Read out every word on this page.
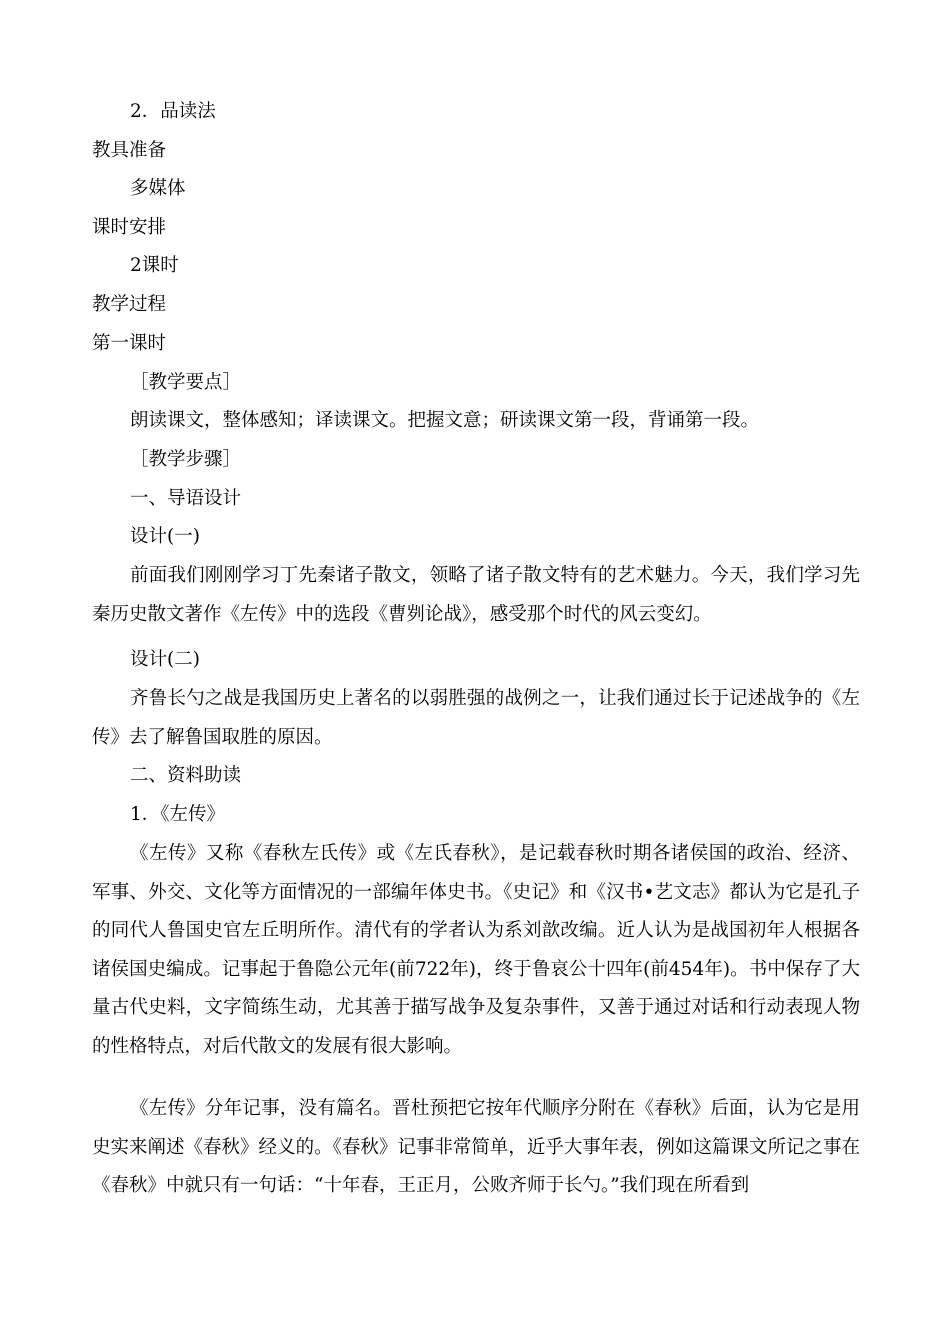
2．品读法
教具准备
多媒体
课时安排
2课时
教学过程
第一课时
［教学要点］
朗读课文，整体感知；译读课文。把握文意；研读课文第一段，背诵第一段。
［教学步骤］
一、导语设计
设计(一)
前面我们刚刚学习丁先秦诸子散文，领略了诸子散文特有的艺术魅力。今天，我们学习先秦历史散文著作《左传》中的选段《曹刿论战》，感受那个时代的风云变幻。
设计(二)
齐鲁长勺之战是我国历史上著名的以弱胜强的战例之一，让我们通过长于记述战争的《左传》去了解鲁国取胜的原因。
二、资料助读
1．《左传》
《左传》又称《春秋左氏传》或《左氏春秋》，是记载春秋时期各诸侯国的政治、经济、军事、外交、文化等方面情况的一部编年体史书。《史记》和《汉书•艺文志》都认为它是孔子的同代人鲁国史官左丘明所作。清代有的学者认为系刘歆改编。近人认为是战国初年人根据各诸侯国史编成。记事起于鲁隐公元年(前722年)，终于鲁哀公十四年(前454年)。书中保存了大量古代史料，文字简练生动，尤其善于描写战争及复杂事件，又善于通过对话和行动表现人物的性格特点，对后代散文的发展有很大影响。
《左传》分年记事，没有篇名。晋杜预把它按年代顺序分附在《春秋》后面，认为它是用史实来阐述《春秋》经义的。《春秋》记事非常简单，近乎大事年表，例如这篇课文所记之事在《春秋》中就只有一句话：“十年春，王正月，公败齐师于长勺。”我们现在所看到
